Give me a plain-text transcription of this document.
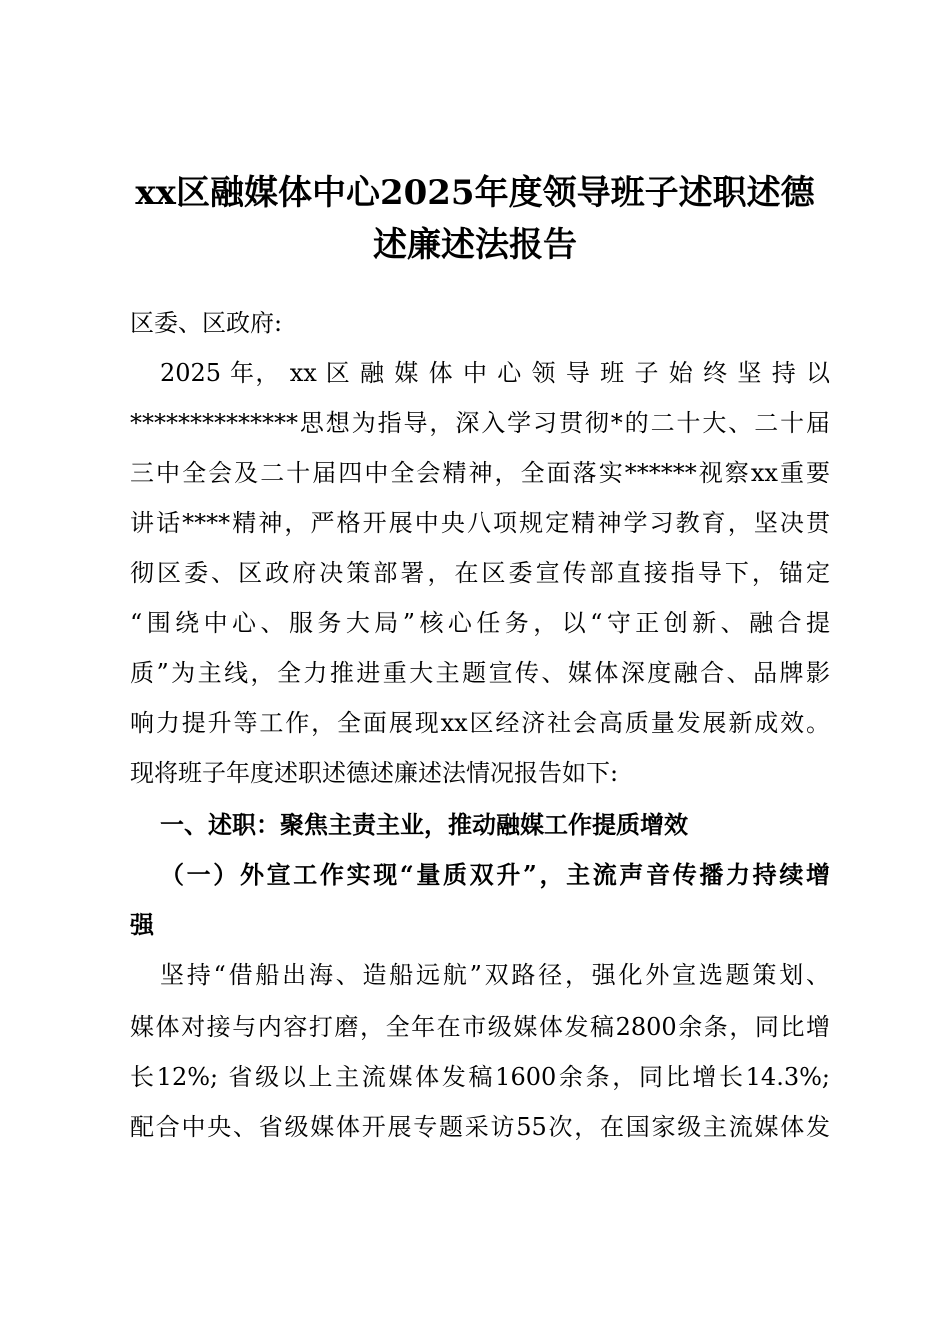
xx区融媒体中心2025年度领导班子述职述德
述廉述法报告
区委、区政府:
2025 年， xx 区 融 媒 体 中 心 领 导 班 子 始 终 坚 持 以
**************思想为指导，深入学习贯彻*的二十大、二十届
三中全会及二十届四中全会精神，全面落实******视察xx重要
讲话****精神，严格开展中央八项规定精神学习教育，坚决贯
彻区委、区政府决策部署，在区委宣传部直接指导下，锚定
“围绕中心、服务大局”核心任务，以“守正创新、融合提
质”为主线，全力推进重大主题宣传、媒体深度融合、品牌影
响力提升等工作，全面展现xx区经济社会高质量发展新成效。
现将班子年度述职述德述廉述法情况报告如下:
一、述职：聚焦主责主业，推动融媒工作提质增效
（一）外宣工作实现“量质双升”，主流声音传播力持续增
强
坚持“借船出海、造船远航”双路径，强化外宣选题策划、
媒体对接与内容打磨，全年在市级媒体发稿2800余条，同比增
长12%; 省级以上主流媒体发稿1600余条，同比增长14.3%;
配合中央、省级媒体开展专题采访55次，在国家级主流媒体发
